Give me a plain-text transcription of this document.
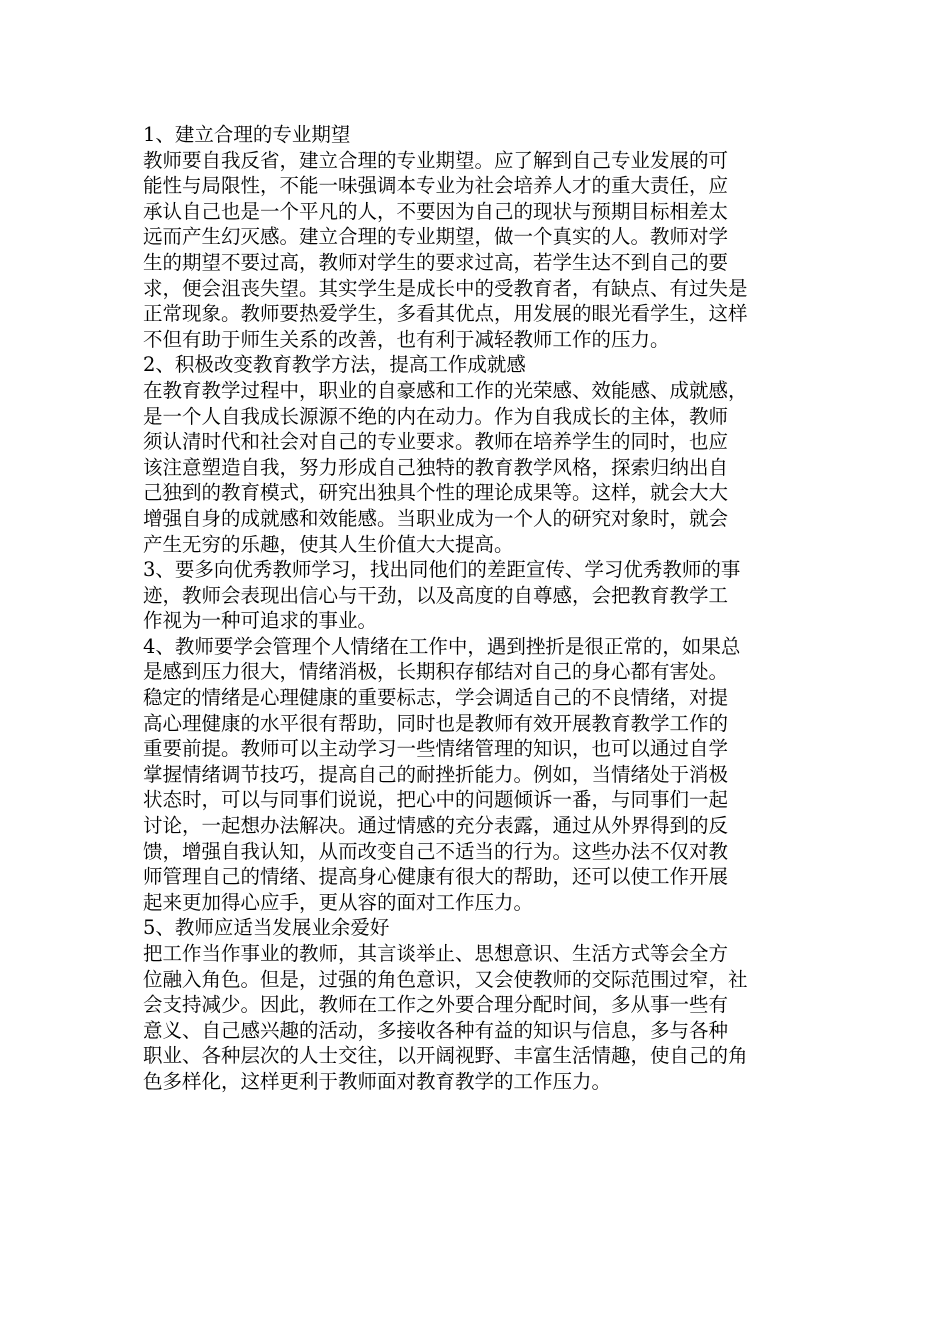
1、建立合理的专业期望
教师要自我反省，建立合理的专业期望。应了解到自己专业发展的可
能性与局限性，不能一味强调本专业为社会培养人才的重大责任，应
承认自己也是一个平凡的人，不要因为自己的现状与预期目标相差太
远而产生幻灭感。建立合理的专业期望，做一个真实的人。教师对学
生的期望不要过高，教师对学生的要求过高，若学生达不到自己的要
求，便会沮丧失望。其实学生是成长中的受教育者，有缺点、有过失是
正常现象。教师要热爱学生，多看其优点，用发展的眼光看学生，这样
不但有助于师生关系的改善，也有利于减轻教师工作的压力。
2、积极改变教育教学方法，提高工作成就感
在教育教学过程中，职业的自豪感和工作的光荣感、效能感、成就感，
是一个人自我成长源源不绝的内在动力。作为自我成长的主体，教师
须认清时代和社会对自己的专业要求。教师在培养学生的同时，也应
该注意塑造自我，努力形成自己独特的教育教学风格，探索归纳出自
己独到的教育模式，研究出独具个性的理论成果等。这样，就会大大
增强自身的成就感和效能感。当职业成为一个人的研究对象时，就会
产生无穷的乐趣，使其人生价值大大提高。
3、要多向优秀教师学习，找出同他们的差距宣传、学习优秀教师的事
迹，教师会表现出信心与干劲，以及高度的自尊感，会把教育教学工
作视为一种可追求的事业。
4、教师要学会管理个人情绪在工作中，遇到挫折是很正常的，如果总
是感到压力很大，情绪消极，长期积存郁结对自己的身心都有害处。
稳定的情绪是心理健康的重要标志，学会调适自己的不良情绪，对提
高心理健康的水平很有帮助，同时也是教师有效开展教育教学工作的
重要前提。教师可以主动学习一些情绪管理的知识，也可以通过自学
掌握情绪调节技巧，提高自己的耐挫折能力。例如，当情绪处于消极
状态时，可以与同事们说说，把心中的问题倾诉一番，与同事们一起
讨论，一起想办法解决。通过情感的充分表露，通过从外界得到的反
馈，增强自我认知，从而改变自己不适当的行为。这些办法不仅对教
师管理自己的情绪、提高身心健康有很大的帮助，还可以使工作开展
起来更加得心应手，更从容的面对工作压力。
5、教师应适当发展业余爱好
把工作当作事业的教师，其言谈举止、思想意识、生活方式等会全方
位融入角色。但是，过强的角色意识，又会使教师的交际范围过窄，社
会支持减少。因此，教师在工作之外要合理分配时间，多从事一些有
意义、自己感兴趣的活动，多接收各种有益的知识与信息，多与各种
职业、各种层次的人士交往，以开阔视野、丰富生活情趣，使自己的角
色多样化，这样更利于教师面对教育教学的工作压力。
